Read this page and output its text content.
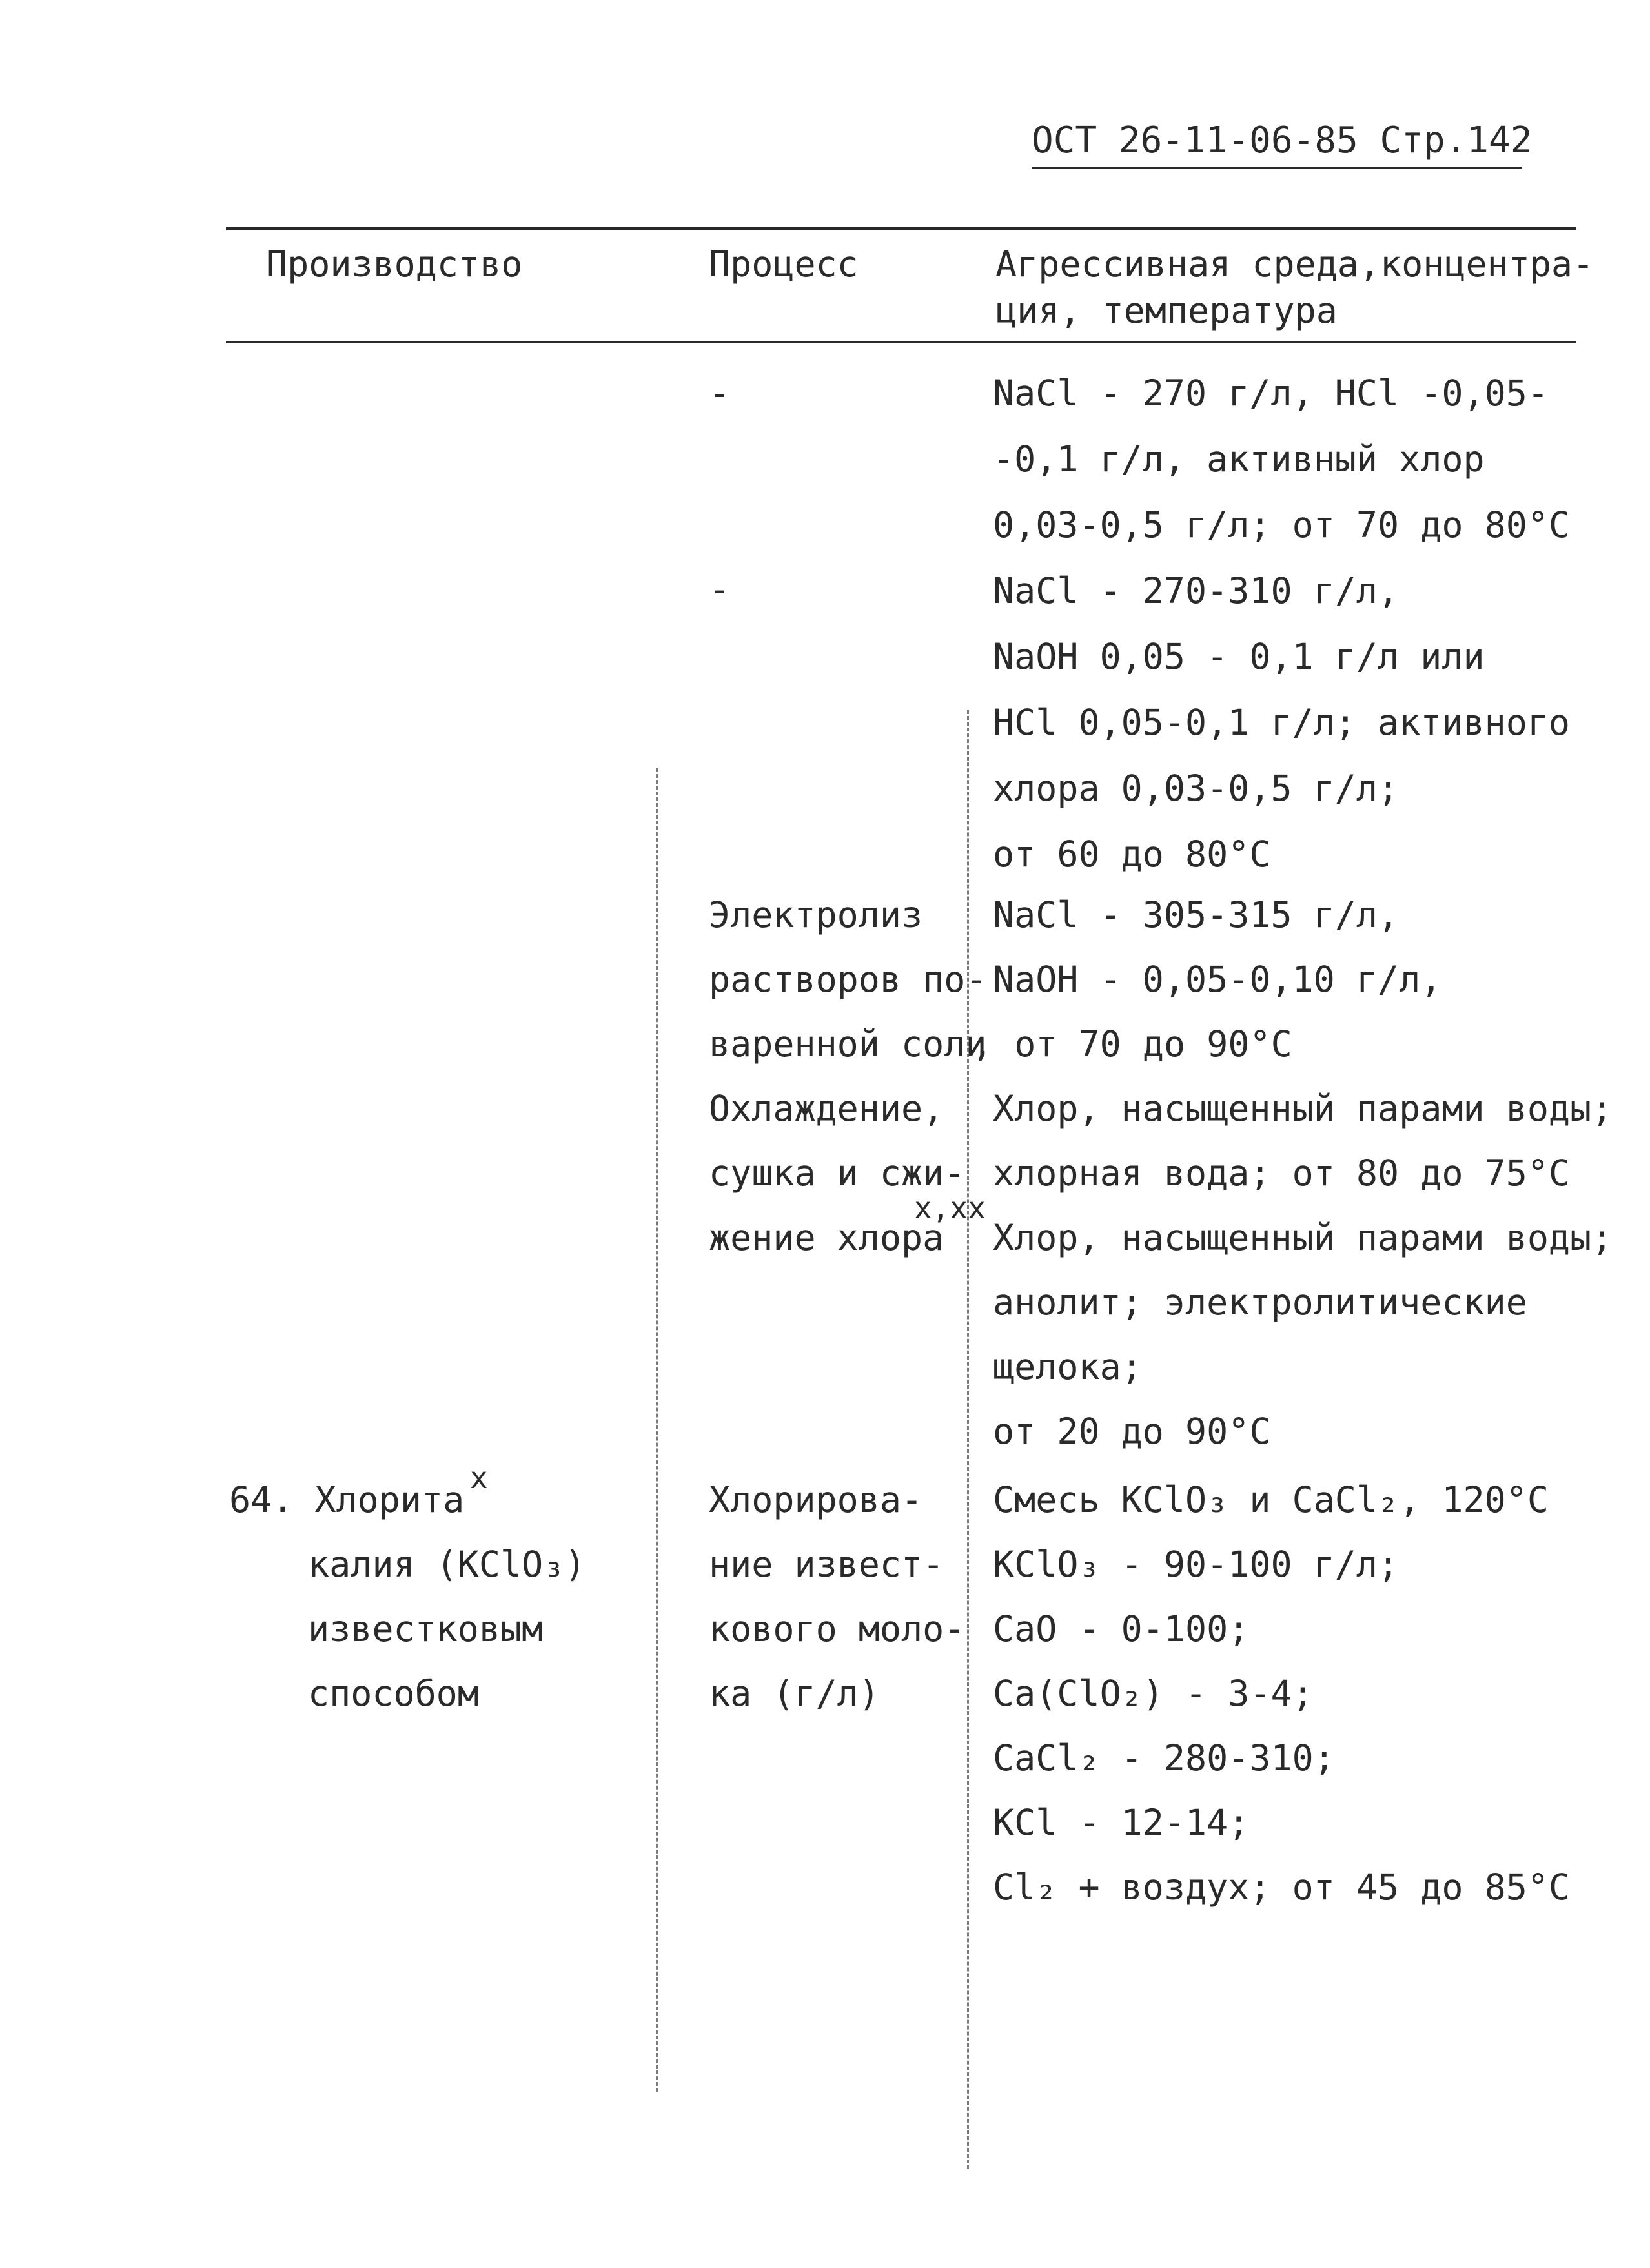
ОСТ 26-11-06-85 Стр.142
Производство	Процесс	Агрессивная среда,концентра-
ция, температура
64. Хлорита
x
калия (KClO₃)
известковым
способом
-
-
Электролиз
растворов по-
варенной соли
Охлаждение,
сушка и сжи-
x,xx
жение хлора
Хлорирова-
ние извест-
кового моло-
ка (г/л)
NaCl - 270 г/л, HCl -0,05-
-0,1 г/л, активный хлор
0,03-0,5 г/л; от 70 до 80°С
NaCl - 270-310 г/л,
NaOH 0,05 - 0,1 г/л или
HCl 0,05-0,1 г/л; активного
хлора 0,03-0,5 г/л;
от 60 до 80°С
NaCl - 305-315 г/л,
NaOH - 0,05-0,10 г/л,
, от 70 до 90°С
Хлор, насыщенный парами воды;
хлорная вода; от 80 до 75°С
Хлор, насыщенный парами воды;
анолит; электролитические
щелока;
от 20 до 90°С
Смесь KClO₃ и CaCl₂, 120°С
KClO₃ - 90-100 г/л;
CaO - 0-100;
Ca(ClO₂) - 3-4;
CaCl₂ - 280-310;
KCl - 12-14;
Cl₂ + воздух; от 45 до 85°С
